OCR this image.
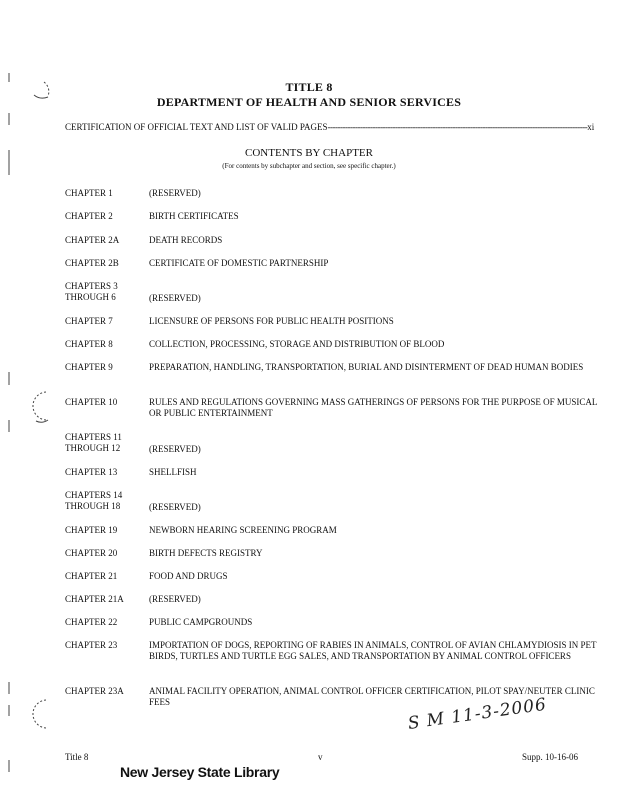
TITLE 8
DEPARTMENT OF HEALTH AND SENIOR SERVICES
CERTIFICATION OF OFFICIAL TEXT AND LIST OF VALID PAGES--------------------------------------------------------------------------------------------------------xi
CONTENTS BY CHAPTER
(For contents by subchapter and section, see specific chapter.)
CHAPTER 1	(RESERVED)
CHAPTER 2	BIRTH CERTIFICATES
CHAPTER 2A	DEATH RECORDS
CHAPTER 2B	CERTIFICATE OF DOMESTIC PARTNERSHIP
CHAPTERS 3
THROUGH 6	(RESERVED)
CHAPTER 7	LICENSURE OF PERSONS FOR PUBLIC HEALTH POSITIONS
CHAPTER 8	COLLECTION, PROCESSING, STORAGE AND DISTRIBUTION OF BLOOD
CHAPTER 9	PREPARATION, HANDLING, TRANSPORTATION, BURIAL AND DISINTERMENT OF DEAD HUMAN BODIES
CHAPTER 10	RULES AND REGULATIONS GOVERNING MASS GATHERINGS OF PERSONS FOR THE PURPOSE OF MUSICAL OR PUBLIC ENTERTAINMENT
CHAPTERS 11
THROUGH 12	(RESERVED)
CHAPTER 13	SHELLFISH
CHAPTERS 14
THROUGH 18	(RESERVED)
CHAPTER 19	NEWBORN HEARING SCREENING PROGRAM
CHAPTER 20	BIRTH DEFECTS REGISTRY
CHAPTER 21	FOOD AND DRUGS
CHAPTER 21A	(RESERVED)
CHAPTER 22	PUBLIC CAMPGROUNDS
CHAPTER 23	IMPORTATION OF DOGS, REPORTING OF RABIES IN ANIMALS, CONTROL OF AVIAN CHLAMYDIOSIS IN PET BIRDS, TURTLES AND TURTLE EGG SALES, AND TRANSPORTATION BY ANIMAL CONTROL OFFICERS
CHAPTER 23A	ANIMAL FACILITY OPERATION, ANIMAL CONTROL OFFICER CERTIFICATION, PILOT SPAY/NEUTER CLINIC FEES	S M 11-3-2006
Title 8	v	Supp. 10-16-06
New Jersey State Library
